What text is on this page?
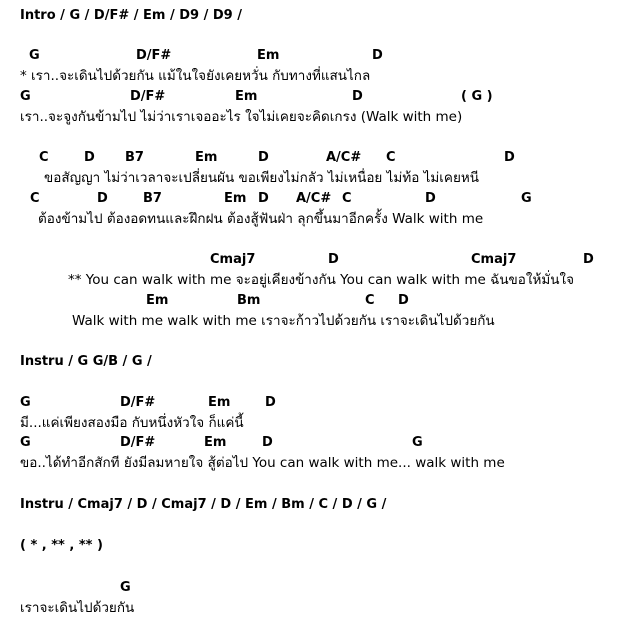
Intro / G / D/F# / Em / D9 / D9 /
G	D/F#	Em	D
* เรา..จะเดินไปด้วยกัน แม้ในใจยังเคยหวั่น กับทางที่แสนไกล
G	D/F#	Em	D	( G )
เรา..จะจูงกันข้ามไป ไม่ว่าเราเจออะไร ใจไม่เคยจะคิดเกรง (Walk with me)
C	D B7	Em	D	A/C# C	D
ขอสัญญา ไม่ว่าเวลาจะเปลี่ยนผัน ขอเพียงไม่กลัว ไม่เหนื่อย ไม่ท้อ ไม่เคยหนี
C	D	B7	Em D A/C# C	D	G
ต้องข้ามไป ต้องอดทนและฝึกฝน ต้องสู้ฟันฝ่า ลุกขึ้นมาอีกครั้ง Walk with me
Cmaj7	D	Cmaj7	D
** You can walk with me จะอยู่เคียงข้างกัน You can walk with me ฉันขอให้มั่นใจ
Em	Bm	C D
Walk with me walk with me เราจะก้าวไปด้วยกัน เราจะเดินไปด้วยกัน
Instru / G G/B / G /
G	D/F#	Em	D
มี...แค่เพียงสองมือ กับหนึ่งหัวใจ ก็แค่นี้
G	D/F#	Em	D	G
ขอ..ได้ทำอีกสักที ยังมีลมหายใจ สู้ต่อไป You can walk with me... walk with me
Instru / Cmaj7 / D / Cmaj7 / D / Em / Bm / C / D / G /
( * , ** , ** )
G
เราจะเดินไปด้วยกัน
